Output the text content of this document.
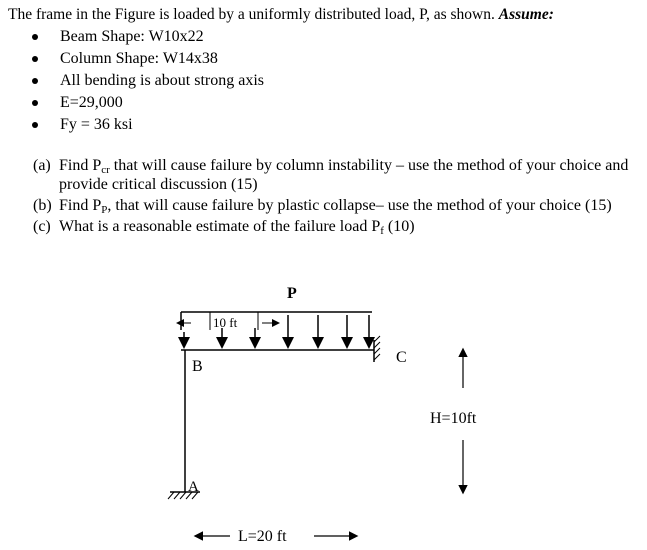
The frame in the Figure is loaded by a uniformly distributed load, P, as shown. Assume:
Beam Shape: W10x22
Column Shape: W14x38
All bending is about strong axis
E=29,000
Fy = 36 ksi
(a) Find $P_{cr}$ that will cause failure by column instability – use the method of your choice and provide critical discussion (15)
(b) Find $P_P$, that will cause failure by plastic collapse– use the method of your choice (15)
(c) What is a reasonable estimate of the failure load $P_f$ (10)
P
10 ft
B
C
A
H=10ft
L=20 ft
